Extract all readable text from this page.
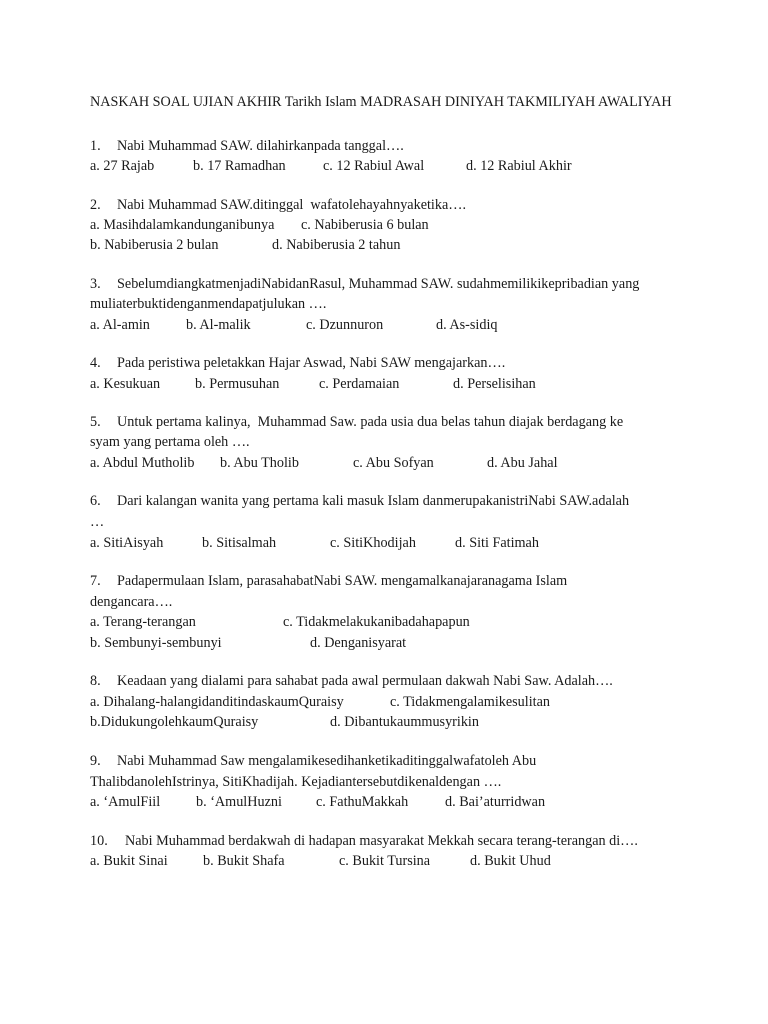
NASKAH SOAL UJIAN AKHIR Tarikh Islam MADRASAH DINIYAH TAKMILIYAH AWALIYAH
1. Nabi Muhammad SAW. dilahirkanpada tanggal….
a. 27 Rajab	b. 17 Ramadhan	c. 12 Rabiul Awal	d. 12 Rabiul Akhir
2. Nabi Muhammad SAW.ditinggal  wafatolehayahnyaketika….
a. Masihdalamkandunganibunya c. Nabiberusia 6 bulan
b. Nabiberusia 2 bulan	d. Nabiberusia 2 tahun
3. SebelumdiangkatmenjadiNabidanRasul, Muhammad SAW. sudahmemilikikepribadian yang
muliaterbuktidenganmendapatjulukan ….
a. Al-amin	b. Al-malik	c. Dzunnuron	d. As-sidiq
4. Pada peristiwa peletakkan Hajar Aswad, Nabi SAW mengajarkan….
a. Kesukuan b. Permusuhan	c. Perdamaian	d. Perselisihan
5. Untuk pertama kalinya,  Muhammad Saw. pada usia dua belas tahun diajak berdagang ke
syam yang pertama oleh ….
a. Abdul Mutholib b. Abu Tholib	c. Abu Sofyan	d. Abu Jahal
6. Dari kalangan wanita yang pertama kali masuk Islam danmerupakanistriNabi SAW.adalah
…
a. SitiAisyah	b. Sitisalmah	c. SitiKhodijah	d. Siti Fatimah
7. Padapermulaan Islam, parasahabatNabi SAW. mengamalkanajaranagama Islam
dengancara….
a. Terang-terangan	c. Tidakmelakukanibadahapapun
b. Sembunyi-sembunyi	d. Denganisyarat
8. Keadaan yang dialami para sahabat pada awal permulaan dakwah Nabi Saw. Adalah….
a. Dihalang-halangidanditindaskaumQuraisy	c. Tidakmengalamikesulitan
b.DidukungolehkaumQuraisy	d. Dibantukaummusyrikin
9. Nabi Muhammad Saw mengalamikesedihanketikaditinggalwafatoleh Abu
ThalibdanolehIstrinya, SitiKhadijah. Kejadiantersebutdikenaldengan ….
a. ‘AmulFiil	b. ‘AmulHuzni c. FathuMakkah	d. Bai’aturridwan
10. Nabi Muhammad berdakwah di hadapan masyarakat Mekkah secara terang-terangan di….
a. Bukit Sinai b. Bukit Shafa	c. Bukit Tursina	d. Bukit Uhud
